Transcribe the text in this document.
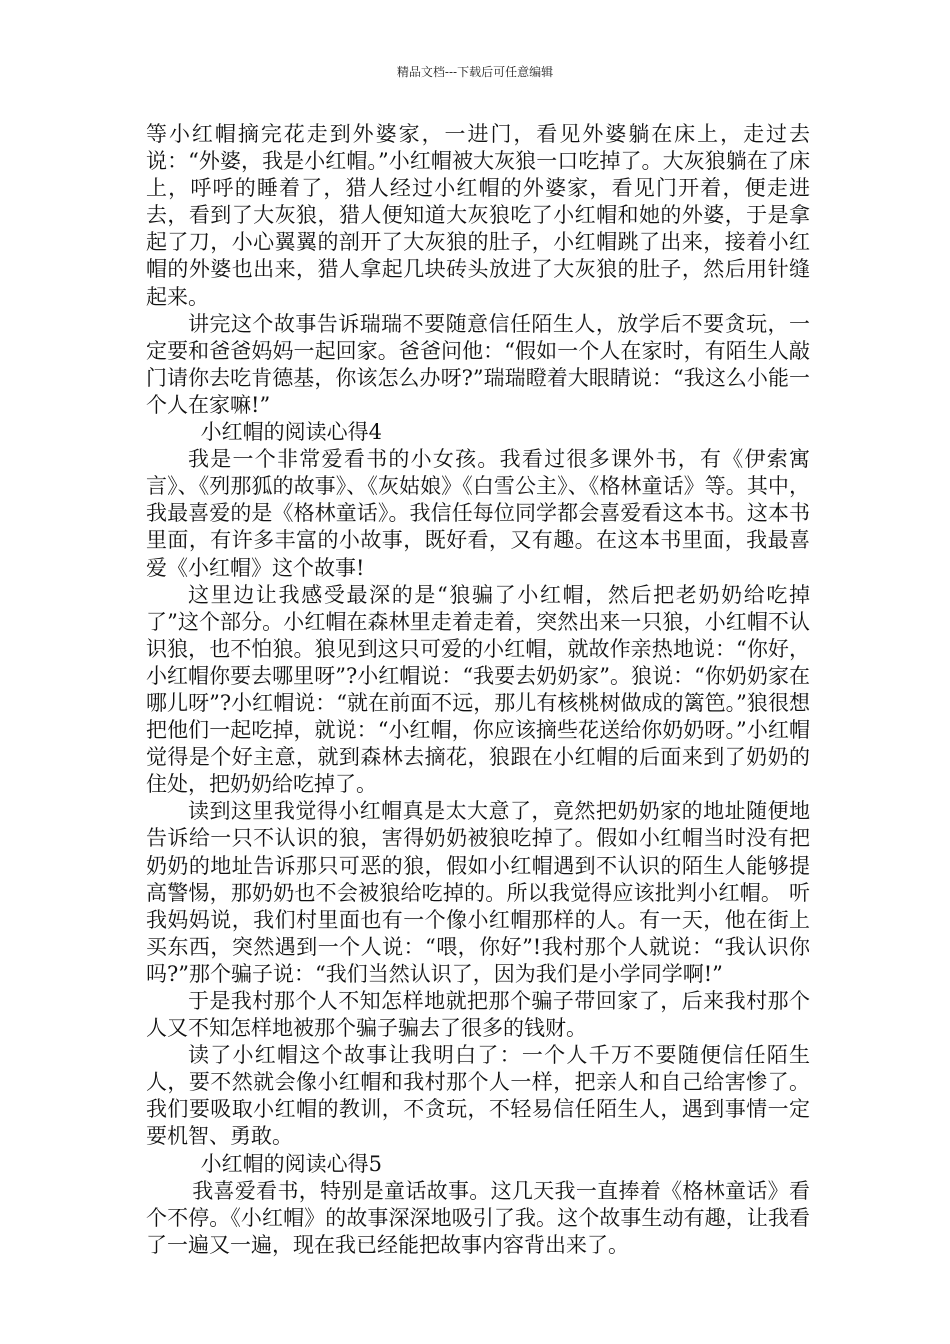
精品文档---下载后可任意编辑

等小红帽摘完花走到外婆家，一进门，看见外婆躺在床上，走过去说：“外婆，我是小红帽。”小红帽被大灰狼一口吃掉了。大灰狼躺在了床上，呼呼的睡着了，猎人经过小红帽的外婆家，看见门开着，便走进去，看到了大灰狼，猎人便知道大灰狼吃了小红帽和她的外婆，于是拿起了刀，小心翼翼的剖开了大灰狼的肚子，小红帽跳了出来，接着小红帽的外婆也出来，猎人拿起几块砖头放进了大灰狼的肚子，然后用针缝起来。

讲完这个故事告诉瑞瑞不要随意信任陌生人，放学后不要贪玩，一定要和爸爸妈妈一起回家。爸爸问他：“假如一个人在家时，有陌生人敲门请你去吃肯德基，你该怎么办呀?”瑞瑞瞪着大眼睛说：“我这么小能一个人在家嘛!”

小红帽的阅读心得4

我是一个非常爱看书的小女孩。我看过很多课外书，有《伊索寓言》、《列那狐的故事》、《灰姑娘》《白雪公主》、《格林童话》等。其中，我最喜爱的是《格林童话》。我信任每位同学都会喜爱看这本书。这本书里面，有许多丰富的小故事，既好看，又有趣。在这本书里面，我最喜爱《小红帽》这个故事!

这里边让我感受最深的是“狼骗了小红帽，然后把老奶奶给吃掉了”这个部分。小红帽在森林里走着走着，突然出来一只狼，小红帽不认识狼，也不怕狼。狼见到这只可爱的小红帽，就故作亲热地说：“你好，小红帽你要去哪里呀”?小红帽说：“我要去奶奶家”。狼说：“你奶奶家在哪儿呀”?小红帽说：“就在前面不远，那儿有核桃树做成的篱笆。”狼很想把他们一起吃掉，就说：“小红帽，你应该摘些花送给你奶奶呀。”小红帽觉得是个好主意，就到森林去摘花，狼跟在小红帽的后面来到了奶奶的住处，把奶奶给吃掉了。

读到这里我觉得小红帽真是太大意了，竟然把奶奶家的地址随便地告诉给一只不认识的狼，害得奶奶被狼吃掉了。假如小红帽当时没有把奶奶的地址告诉那只可恶的狼，假如小红帽遇到不认识的陌生人能够提高警惕，那奶奶也不会被狼给吃掉的。所以我觉得应该批判小红帽。 听我妈妈说，我们村里面也有一个像小红帽那样的人。有一天，他在街上买东西，突然遇到一个人说：“喂，你好”!我村那个人就说：“我认识你吗?”那个骗子说：“我们当然认识了，因为我们是小学同学啊!”

于是我村那个人不知怎样地就把那个骗子带回家了，后来我村那个人又不知怎样地被那个骗子骗去了很多的钱财。

读了小红帽这个故事让我明白了：一个人千万不要随便信任陌生人，要不然就会像小红帽和我村那个人一样，把亲人和自己给害惨了。我们要吸取小红帽的教训，不贪玩，不轻易信任陌生人，遇到事情一定要机智、勇敢。

小红帽的阅读心得5

我喜爱看书，特别是童话故事。这几天我一直捧着《格林童话》看个不停。《小红帽》的故事深深地吸引了我。这个故事生动有趣，让我看了一遍又一遍，现在我已经能把故事内容背出来了。
